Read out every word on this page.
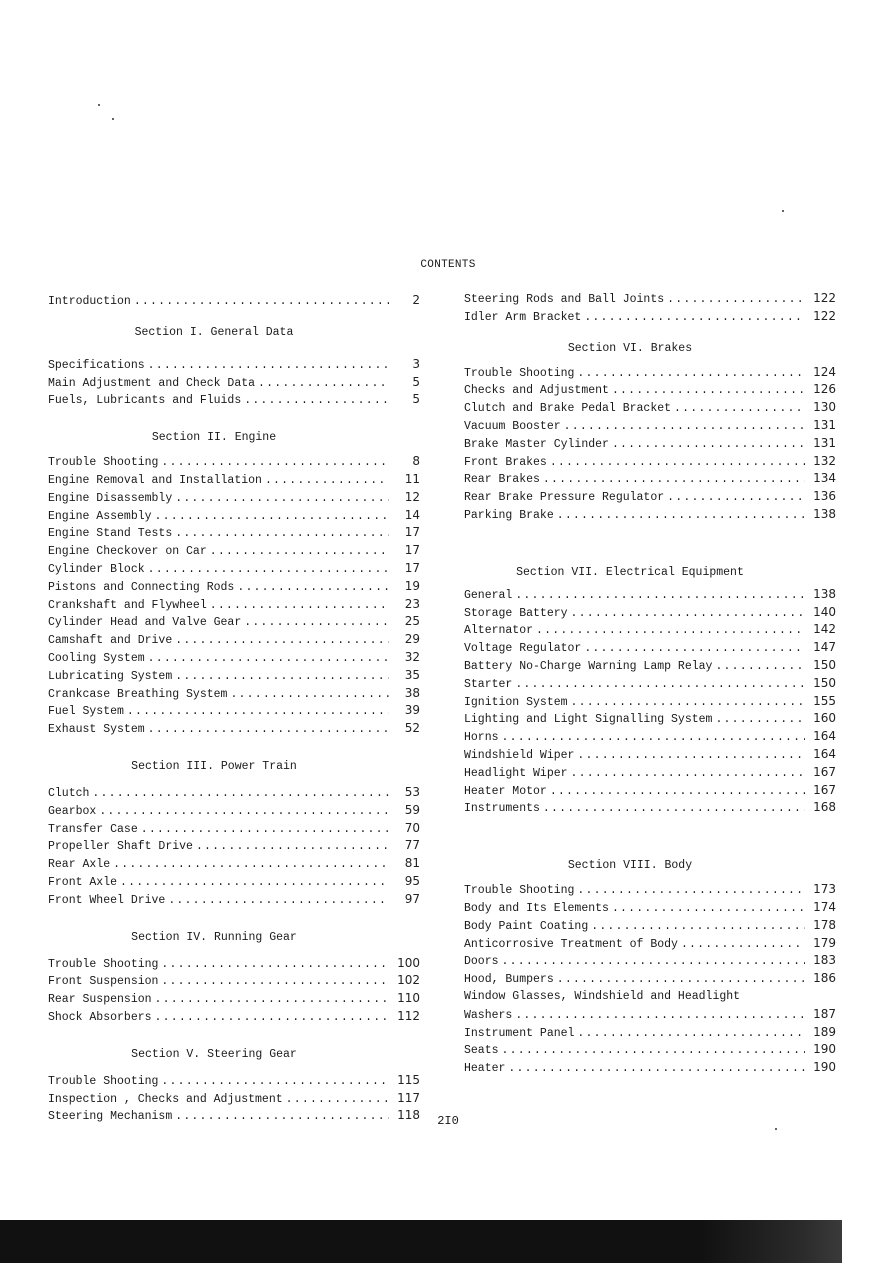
CONTENTS
Introduction .....	2
Section I. General Data
Specifications .....	3
Main Adjustment and Check Data .....	5
Fuels, Lubricants and Fluids .....	5
Section II. Engine
Trouble Shooting .....	8
Engine Removal and Installation .....	11
Engine Disassembly .....	12
Engine Assembly .....	14
Engine Stand Tests .....	17
Engine Checkover on Car .....	17
Cylinder Block .....	17
Pistons and Connecting Rods .....	19
Crankshaft and Flywheel .....	23
Cylinder Head and Valve Gear .....	25
Camshaft and Drive .....	29
Cooling System .....	32
Lubricating System .....	35
Crankcase Breathing System .....	38
Fuel System .....	39
Exhaust System .....	52
Section III. Power Train
Clutch .....	53
Gearbox .....	59
Transfer Case .....	70
Propeller Shaft Drive .....	77
Rear Axle .....	81
Front Axle .....	95
Front Wheel Drive .....	97
Section IV. Running Gear
Trouble Shooting .....	100
Front Suspension .....	102
Rear Suspension .....	110
Shock Absorbers .....	112
Section V. Steering Gear
Trouble Shooting .....	115
Inspection , Checks and Adjustment .....	117
Steering Mechanism .....	118
Steering Rods and Ball Joints .....	122
Idler Arm Bracket .....	122
Section VI. Brakes
Trouble Shooting .....	124
Checks and Adjustment .....	126
Clutch and Brake Pedal Bracket .....	130
Vacuum Booster .....	131
Brake Master Cylinder .....	131
Front Brakes .....	132
Rear Brakes .....	134
Rear Brake Pressure Regulator .....	136
Parking Brake .....	138
Section VII. Electrical Equipment
General .....	138
Storage Battery .....	140
Alternator .....	142
Voltage Regulator .....	147
Battery No-Charge Warning Lamp Relay .....	150
Starter .....	150
Ignition System .....	155
Lighting and Light Signalling System .....	160
Horns .....	164
Windshield Wiper .....	164
Headlight Wiper .....	167
Heater Motor .....	167
Instruments .....	168
Section VIII. Body
Trouble Shooting .....	173
Body and Its Elements .....	174
Body Paint Coating .....	178
Anticorrosive Treatment of Body .....	179
Doors .....	183
Hood, Bumpers .....	186
Window Glasses, Windshield and Headlight
Washers .....	187
Instrument Panel .....	189
Seats .....	190
Heater .....	190
2I0
